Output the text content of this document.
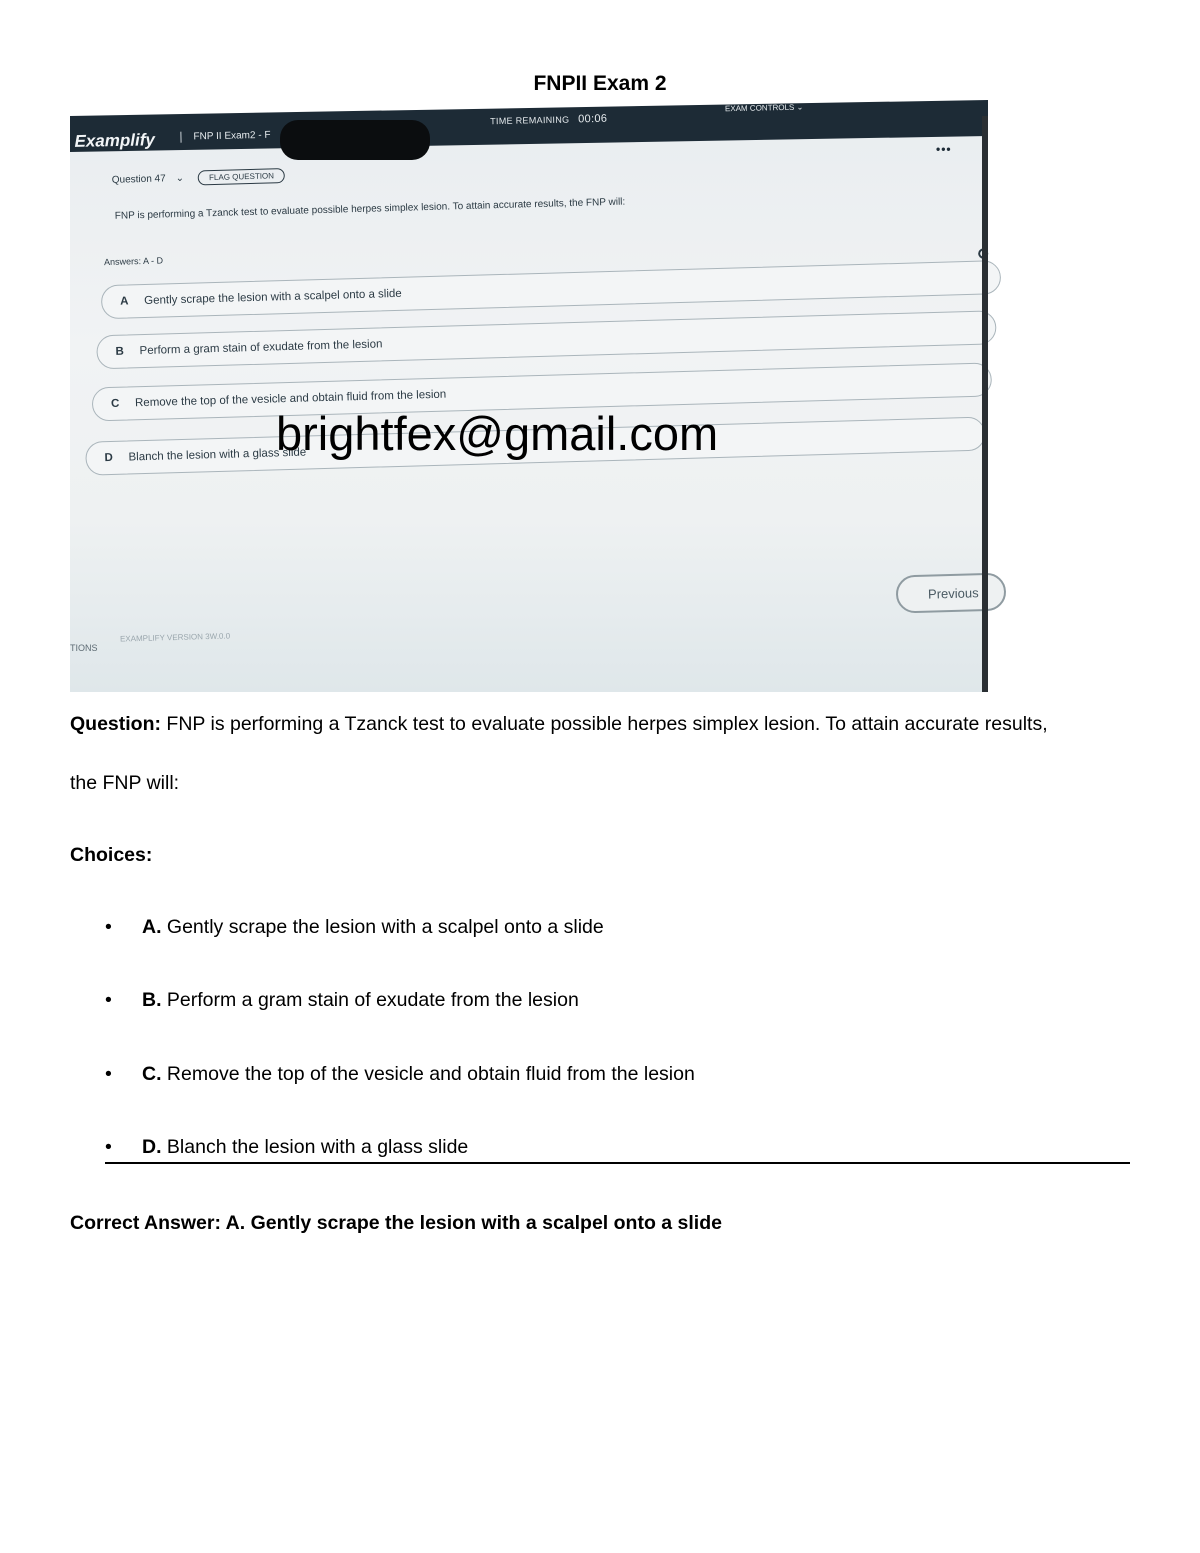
FNPII Exam 2
Examplify	FNP II Exam2 - F
TIME REMAINING 00:06
EXAM CONTROLS ⌄
•••
Question 47 ⌄	FLAG QUESTION
FNP is performing a Tzanck test to evaluate possible herpes simplex lesion. To attain accurate results, the FNP will:
Answers: A - D
A	Gently scrape the lesion with a scalpel onto a slide
B	Perform a gram stain of exudate from the lesion
C	Remove the top of the vesicle and obtain fluid from the lesion
D	Blanch the lesion with a glass slide
Previous
TIONS
EXAMPLIFY VERSION 3W.0.0
brightfex@gmail.com
Question: FNP is performing a Tzanck test to evaluate possible herpes simplex lesion. To attain accurate results,
the FNP will:
Choices:
• A. Gently scrape the lesion with a scalpel onto a slide
• B. Perform a gram stain of exudate from the lesion
• C. Remove the top of the vesicle and obtain fluid from the lesion
• D. Blanch the lesion with a glass slide
Correct Answer: A. Gently scrape the lesion with a scalpel onto a slide
